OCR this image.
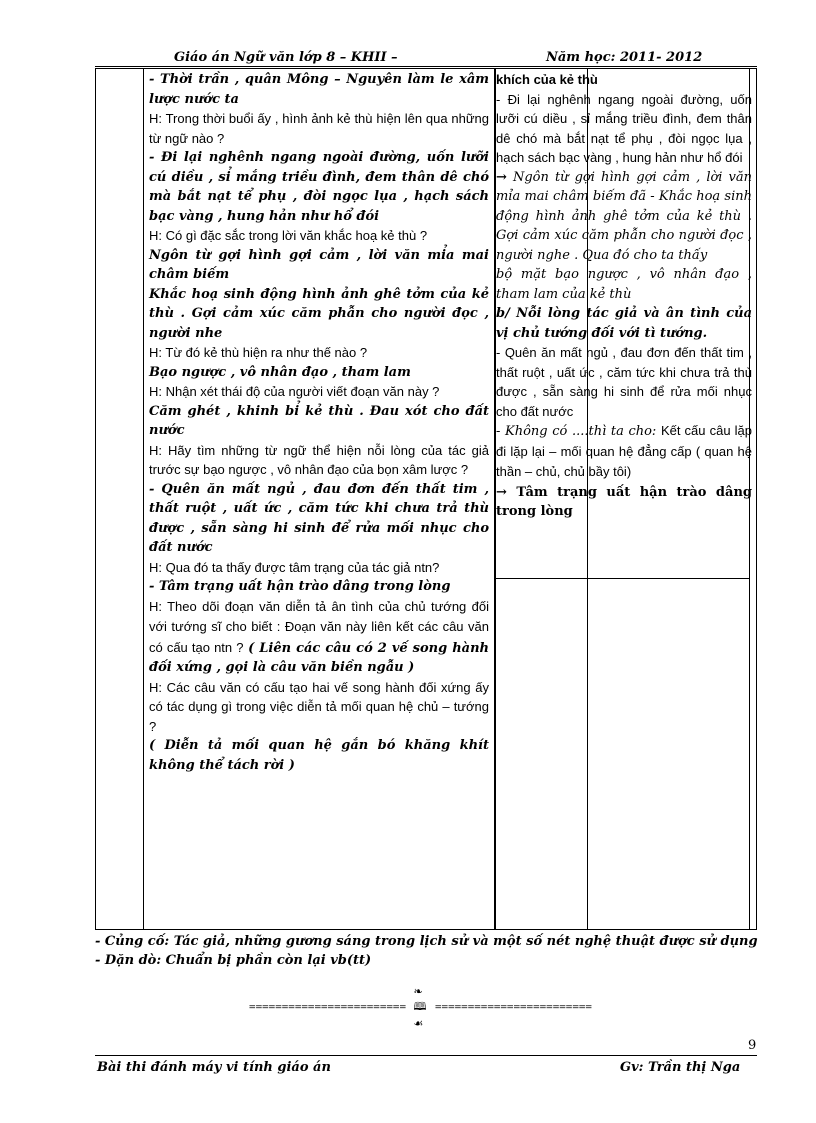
Giáo án Ngữ văn lớp 8 – KHII –	Năm học: 2011- 2012

- Thời trần , quân Mông – Nguyên làm le xâm lược nước ta

H: Trong thời buổi ấy , hình ảnh kẻ thù hiện lên qua những từ ngữ nào ?

- Đi lại nghênh ngang ngoài đường, uốn lưỡi cú diều , sỉ mắng triều đình, đem thân dê chó mà bắt nạt tể phụ , đòi ngọc lụa , hạch sách bạc vàng , hung hản như hổ đói

H: Có gì đặc sắc trong lời văn khắc hoạ kẻ thù ?

Ngôn từ gợi hình gợi cảm , lời văn mỉa mai châm biếm

Khắc hoạ sinh động hình ảnh ghê tởm của kẻ thù . Gợi cảm xúc căm phẫn cho người đọc , người nhe

H: Từ đó kẻ thù hiện ra như thế nào ?

Bạo ngược , vô nhân đạo , tham lam

H: Nhận xét thái độ của người viết đoạn văn này ?

Căm ghét , khinh bỉ kẻ thù . Đau xót cho đất nước

H: Hãy tìm những từ ngữ thể hiện nỗi lòng của tác giả trước sự bạo ngược , vô nhân đạo của bọn xâm lược ?

- Quên ăn mất ngủ , đau đơn đến thất tim , thất ruột , uất ức , căm tức khi chưa trả thù được , sẵn sàng hi sinh để rửa mối nhục cho đất nước

H: Qua đó ta thấy được tâm trạng của tác giả ntn?

- Tâm trạng uất hận trào dâng trong lòng

H: Theo dõi đoạn văn diễn tả ân tình của chủ tướng đối với tướng sĩ cho biết : Đoạn văn này liên kết các câu văn có cấu tạo ntn ? ( Liên các câu có 2 vế song hành đối xứng , gọi là câu văn biền ngẫu )

H: Các câu văn có cấu tạo hai vế song hành đối xứng ấy có tác dụng gì trong việc diễn tả mối quan hệ chủ – tướng ?

( Diễn tả mối quan hệ gắn bó khăng khít không thể tách rời )

khích của kẻ thù

- Đi lại nghênh ngang ngoài đường, uốn lưỡi cú diều , sỉ mắng triều đình, đem thân dê chó mà bắt nạt tể phụ , đòi ngọc lụa , hạch sách bạc vàng , hung hản như hổ đói

→ Ngôn từ gợi hình gợi cảm , lời văn mỉa mai châm biếm đã - Khắc hoạ sinh động hình ảnh ghê tởm của kẻ thù . Gợi cảm xúc căm phẫn cho người đọc , người nghe . Qua đó cho ta thấy

bộ mặt bạo ngược , vô nhân đạo , tham lam của kẻ thù

b/ Nỗi lòng tác giả và ân tình của vị chủ tướng đối với tì tướng.

- Quên ăn mất ngủ , đau đơn đến thất tim , thất ruột , uất ức , căm tức khi chưa trả thù được , sẵn sàng hi sinh để rửa mối nhục cho đất nước

- Không có ....thì ta cho: Kết cấu câu lặp đi lặp lại – mối quan hệ đẳng cấp ( quan hệ thần – chủ, chủ bầy tôi)

→ Tâm trạng uất hận trào dâng trong lòng

- Củng cố: Tác giả, những gương sáng trong lịch sử và một số nét nghệ thuật được sử dụng

- Dặn dò: Chuẩn bị phần còn lại vb(tt)

========================
❧ 🕮 ☙
========================
9
Bài thi đánh máy vi tính giáo án	Gv: Trần thị Nga
